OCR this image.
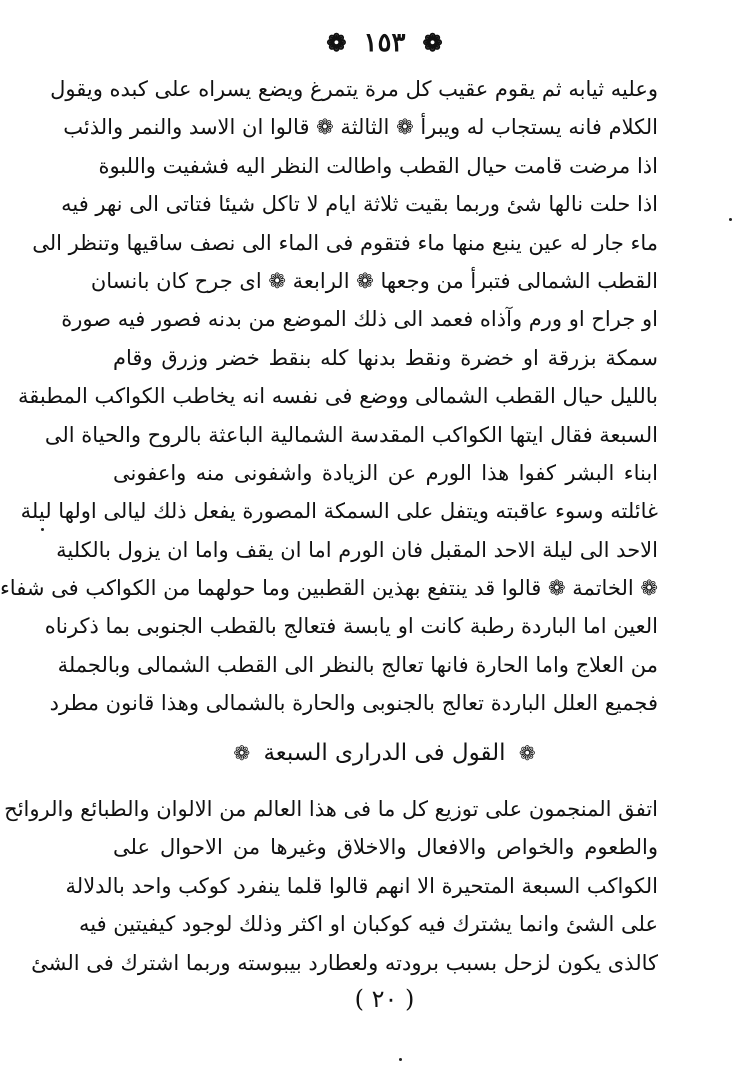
❁ ١٥٣ ❁
وعليه ثيابه ثم يقوم عقيب كل مرة يتمرغ ويضع يسراه على كبده ويقول
الكلام فانه يستجاب له ويبرأ ❁ الثالثة ❁ قالوا ان الاسد والنمر والذئب
اذا مرضت قامت حيال القطب واطالت النظر اليه فشفيت واللبوة
اذا حلت نالها شئ وربما بقيت ثلاثة ايام لا تاكل شيئا فتاتى الى نهر فيه
ماء جار له عين ينبع منها ماء فتقوم فى الماء الى نصف ساقيها وتنظر الى
القطب الشمالى فتبرأ من وجعها ❁ الرابعة ❁ اى جرح كان بانسان
او جراح او ورم وآذاه فعمد الى ذلك الموضع من بدنه فصور فيه صورة
سمكة بزرقة او خضرة ونقط بدنها كله بنقط خضر وزرق وقام
بالليل حيال القطب الشمالى ووضع فى نفسه انه يخاطب الكواكب المطبقة
السبعة فقال ايتها الكواكب المقدسة الشمالية الباعثة بالروح والحياة الى
ابناء البشر كفوا هذا الورم عن الزيادة واشفونى منه واعفونى
غائلته وسوء عاقبته ويتفل على السمكة المصورة يفعل ذلك ليالى اولها ليلة
الاحد الى ليلة الاحد المقبل فان الورم اما ان يقف واما ان يزول بالكلية
❁ الخاتمة ❁ قالوا قد ينتفع بهذين القطبين وما حولهما من الكواكب فى شفاء
العين اما الباردة رطبة كانت او يابسة فتعالج بالقطب الجنوبى بما ذكرناه
من العلاج واما الحارة فانها تعالج بالنظر الى القطب الشمالى وبالجملة
فجميع العلل الباردة تعالج بالجنوبى والحارة بالشمالى وهذا قانون مطرد
❁ القول فى الدرارى السبعة ❁
اتفق المنجمون على توزيع كل ما فى هذا العالم من الالوان والطبائع والروائح
والطعوم والخواص والافعال والاخلاق وغيرها من الاحوال على
الكواكب السبعة المتحيرة الا انهم قالوا قلما ينفرد كوكب واحد بالدلالة
على الشئ وانما يشترك فيه كوكبان او اكثر وذلك لوجود كيفيتين فيه
كالذى يكون لزحل بسبب برودته ولعطارد بيبوسته وربما اشترك فى الشئ
( ٢٠ )
